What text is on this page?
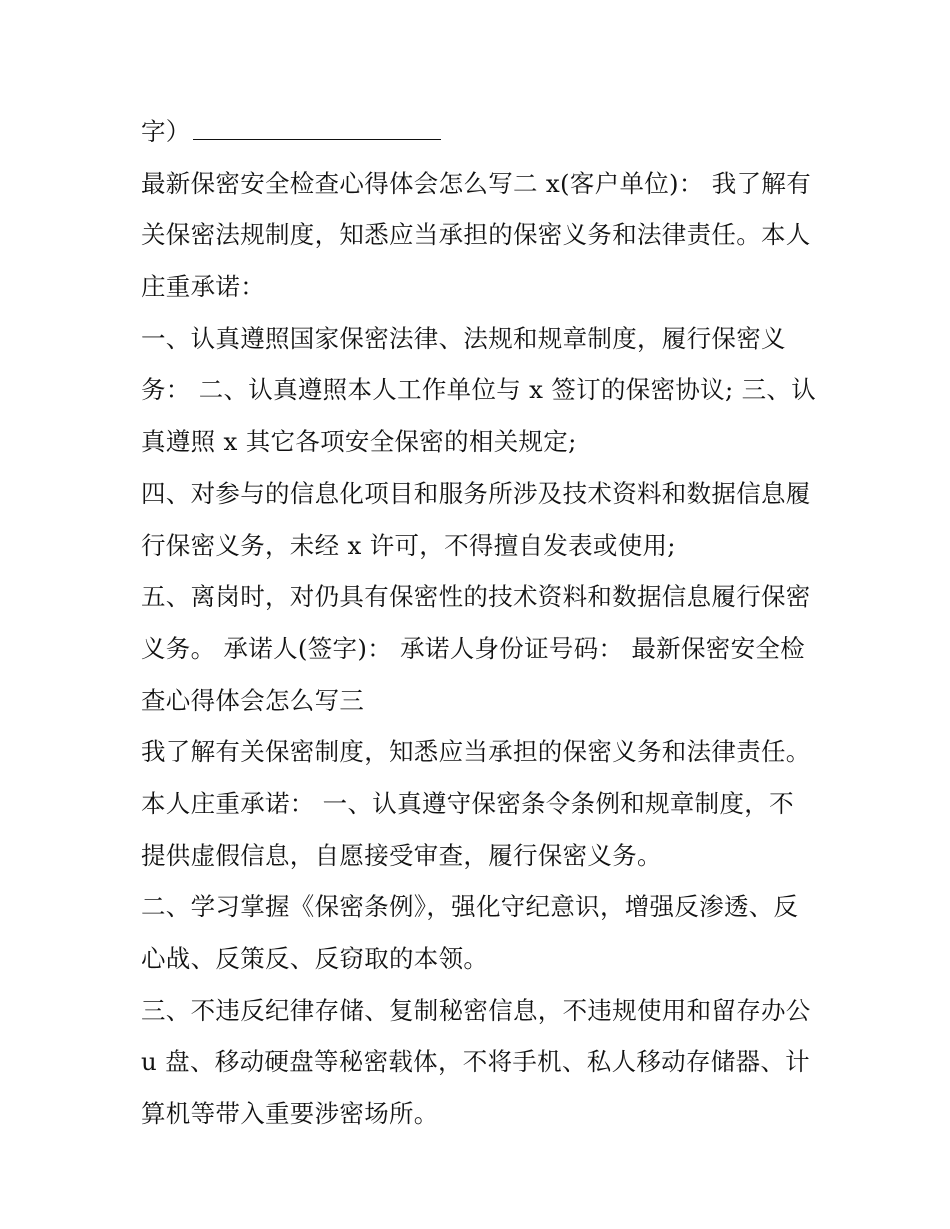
字）
最新保密安全检查心得体会怎么写二 x(客户单位)： 我了解有
关保密法规制度，知悉应当承担的保密义务和法律责任。本人
庄重承诺：
一、认真遵照国家保密法律、法规和规章制度，履行保密义
务： 二、认真遵照本人工作单位与 x 签订的保密协议; 三、认
真遵照 x 其它各项安全保密的相关规定;
四、对参与的信息化项目和服务所涉及技术资料和数据信息履
行保密义务，未经 x 许可，不得擅自发表或使用;
五、离岗时，对仍具有保密性的技术资料和数据信息履行保密
义务。 承诺人(签字)： 承诺人身份证号码： 最新保密安全检
查心得体会怎么写三
我了解有关保密制度，知悉应当承担的保密义务和法律责任。
本人庄重承诺： 一、认真遵守保密条令条例和规章制度，不
提供虚假信息，自愿接受审查，履行保密义务。
二、学习掌握《保密条例》，强化守纪意识，增强反渗透、反
心战、反策反、反窃取的本领。
三、不违反纪律存储、复制秘密信息，不违规使用和留存办公
u 盘、移动硬盘等秘密载体，不将手机、私人移动存储器、计
算机等带入重要涉密场所。
